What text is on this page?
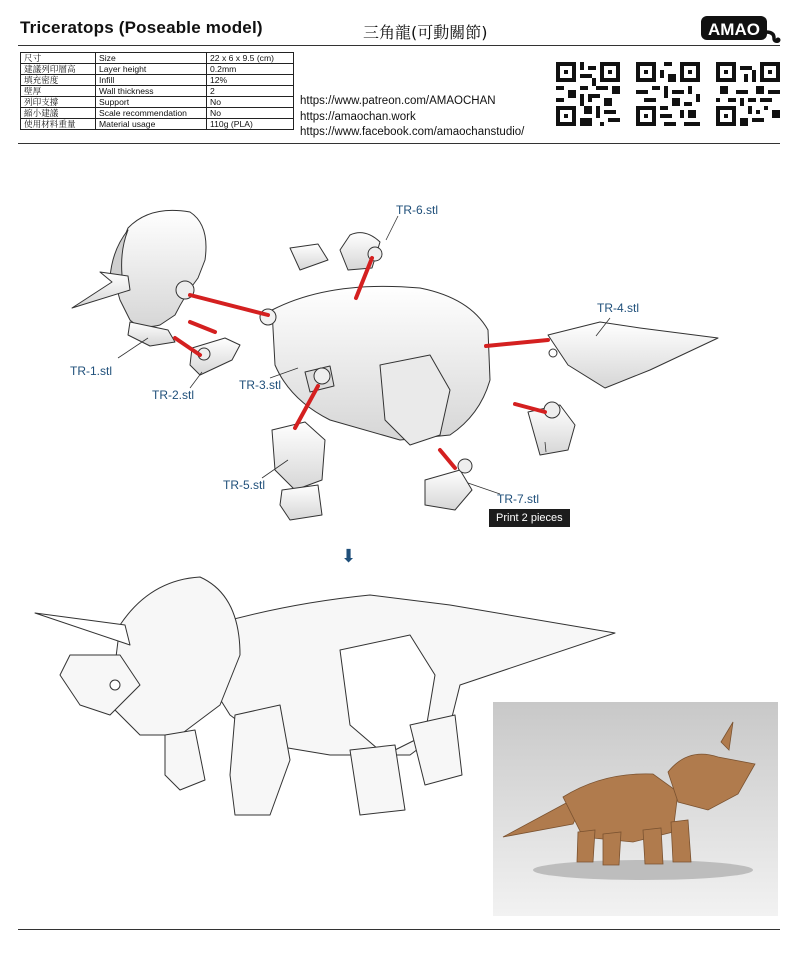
Triceratops (Poseable model)	三角龍(可動關節)	AMAO
尺寸	Size	22 x 6 x 9.5 (cm)
建議列印層高	Layer height	0.2mm
填充密度	Infill	12%
壁厚	Wall thickness	2
列印支撐	Support	No
縮小建議	Scale recommendation	No
使用材料重量	Material usage	110g (PLA)
https://www.patreon.com/AMAOCHAN
https://amaochan.work
https://www.facebook.com/amaochanstudio/
TR-1.stl
TR-2.stl
TR-3.stl
TR-4.stl
TR-5.stl
TR-6.stl
TR-7.stl
Print 2 pieces
⬇
